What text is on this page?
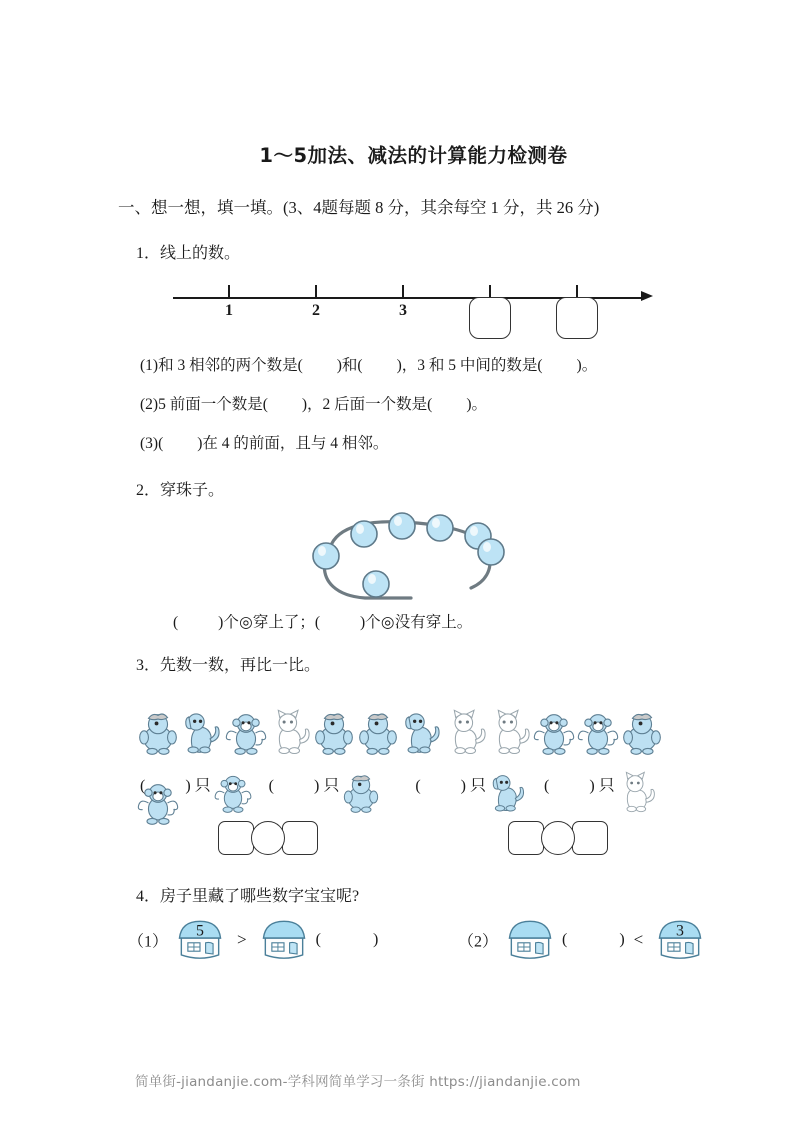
1～5加法、减法的计算能力检测卷
一、想一想，填一填。(3、4题每题 8 分，其余每空 1 分，共 26 分)
1．线上的数。
1	2	3
(1)和 3 相邻的两个数是( )和( )，3 和 5 中间的数是( )。
(2)5 前面一个数是( )，2 后面一个数是( )。
(3)( )在 4 的前面，且与 4 相邻。
2．穿珠子。
(	)个◎穿上了；(	)个◎没有穿上。
3．先数一数，再比一比。
(	) 只	(	) 只	(	) 只	(	) 只
4．房子里藏了哪些数字宝宝呢?
（1）
5 >	(	)	（2）	(	) < 3
简单街-jiandanjie.com-学科网简单学习一条街 https://jiandanjie.com
